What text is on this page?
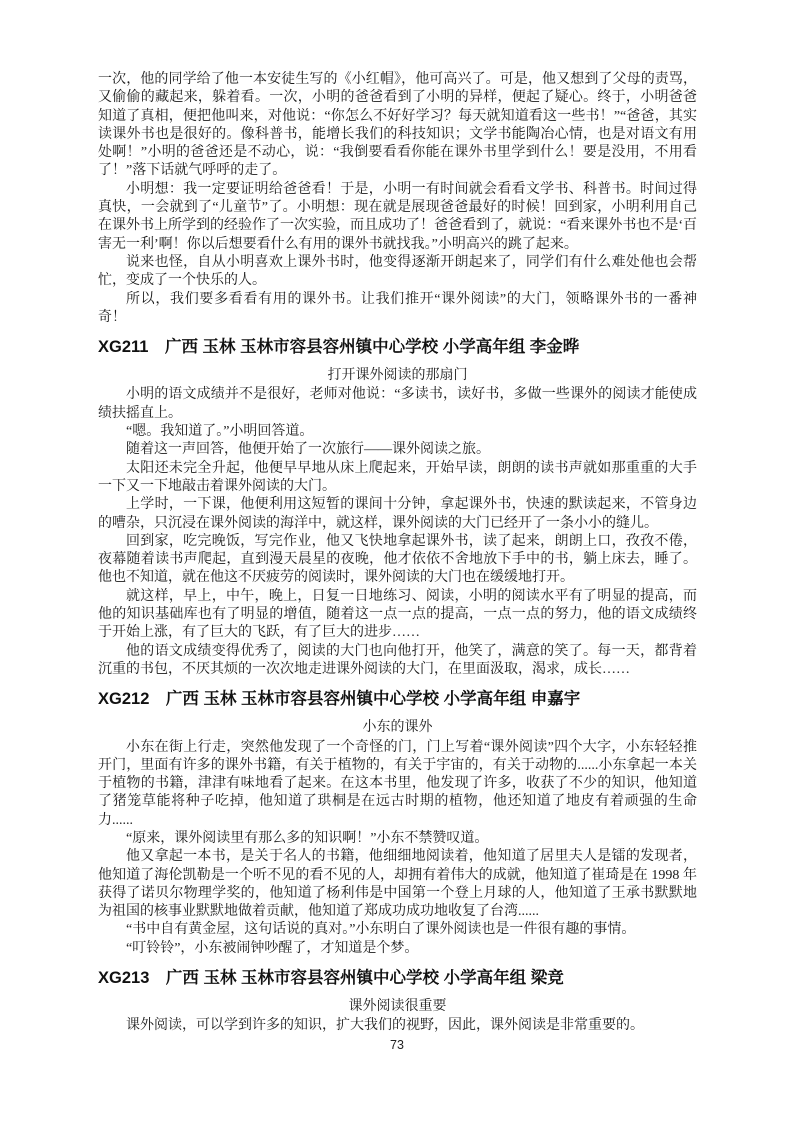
一次，他的同学给了他一本安徒生写的《小红帽》，他可高兴了。可是，他又想到了父母的责骂，又偷偷的藏起来，躲着看。一次，小明的爸爸看到了小明的异样，便起了疑心。终于，小明爸爸知道了真相，便把他叫来，对他说：“你怎么不好好学习？每天就知道看这一些书！”“爸爸，其实读课外书也是很好的。像科普书，能增长我们的科技知识；文学书能陶冶心情，也是对语文有用处啊！”小明的爸爸还是不动心，说：“我倒要看看你能在课外书里学到什么！要是没用，不用看了！”落下话就气呼呼的走了。

小明想：我一定要证明给爸爸看！于是，小明一有时间就会看看文学书、科普书。时间过得真快，一会就到了“儿童节”了。小明想：现在就是展现爸爸最好的时候！回到家，小明利用自己在课外书上所学到的经验作了一次实验，而且成功了！爸爸看到了，就说：“看来课外书也不是‘百害无一利’啊！你以后想要看什么有用的课外书就找我。”小明高兴的跳了起来。

说来也怪，自从小明喜欢上课外书时，他变得逐渐开朗起来了，同学们有什么难处他也会帮忙，变成了一个快乐的人。

所以，我们要多看看有用的课外书。让我们推开“课外阅读”的大门，领略课外书的一番神奇！

XG211　广西 玉林 玉林市容县容州镇中心学校 小学高年组 李金晔
打开课外阅读的那扇门

小明的语文成绩并不是很好，老师对他说：“多读书，读好书，多做一些课外的阅读才能使成绩扶摇直上。

“嗯。我知道了。”小明回答道。

随着这一声回答，他便开始了一次旅行——课外阅读之旅。

太阳还未完全升起，他便早早地从床上爬起来，开始早读，朗朗的读书声就如那重重的大手一下又一下地敲击着课外阅读的大门。

上学时，一下课，他便利用这短暂的课间十分钟，拿起课外书，快速的默读起来，不管身边的嘈杂，只沉浸在课外阅读的海洋中，就这样，课外阅读的大门已经开了一条小小的缝儿。

回到家，吃完晚饭，写完作业，他又飞快地拿起课外书，读了起来，朗朗上口，孜孜不倦，夜幕随着读书声爬起，直到漫天晨星的夜晚，他才依依不舍地放下手中的书，躺上床去，睡了。他也不知道，就在他这不厌疲劳的阅读时，课外阅读的大门也在缓缓地打开。

就这样，早上，中午，晚上，日复一日地练习、阅读，小明的阅读水平有了明显的提高，而他的知识基础库也有了明显的增值，随着这一点一点的提高，一点一点的努力，他的语文成绩终于开始上涨，有了巨大的飞跃，有了巨大的进步……

他的语文成绩变得优秀了，阅读的大门也向他打开，他笑了，满意的笑了。每一天，都背着沉重的书包，不厌其烦的一次次地走进课外阅读的大门，在里面汲取，渴求，成长……

XG212　广西 玉林 玉林市容县容州镇中心学校 小学高年组 申嘉宇
小东的课外

小东在街上行走，突然他发现了一个奇怪的门，门上写着“课外阅读”四个大字，小东轻轻推开门，里面有许多的课外书籍，有关于植物的，有关于宇宙的，有关于动物的......小东拿起一本关于植物的书籍，津津有味地看了起来。在这本书里，他发现了许多，收获了不少的知识，他知道了猪笼草能将种子吃掉，他知道了珙桐是在远古时期的植物，他还知道了地皮有着顽强的生命力......

“原来，课外阅读里有那么多的知识啊！”小东不禁赞叹道。

他又拿起一本书，是关于名人的书籍，他细细地阅读着，他知道了居里夫人是镭的发现者，他知道了海伦凯勒是一个听不见的看不见的人，却拥有着伟大的成就，他知道了崔琦是在 1998 年获得了诺贝尔物理学奖的，他知道了杨利伟是中国第一个登上月球的人，他知道了王承书默默地为祖国的核事业默默地做着贡献，他知道了郑成功成功地收复了台湾......

“书中自有黄金屋，这句话说的真对。”小东明白了课外阅读也是一件很有趣的事情。

“叮铃铃”，小东被闹钟吵醒了，才知道是个梦。

XG213　广西 玉林 玉林市容县容州镇中心学校 小学高年组 梁竞
课外阅读很重要

课外阅读，可以学到许多的知识，扩大我们的视野，因此，课外阅读是非常重要的。

73
